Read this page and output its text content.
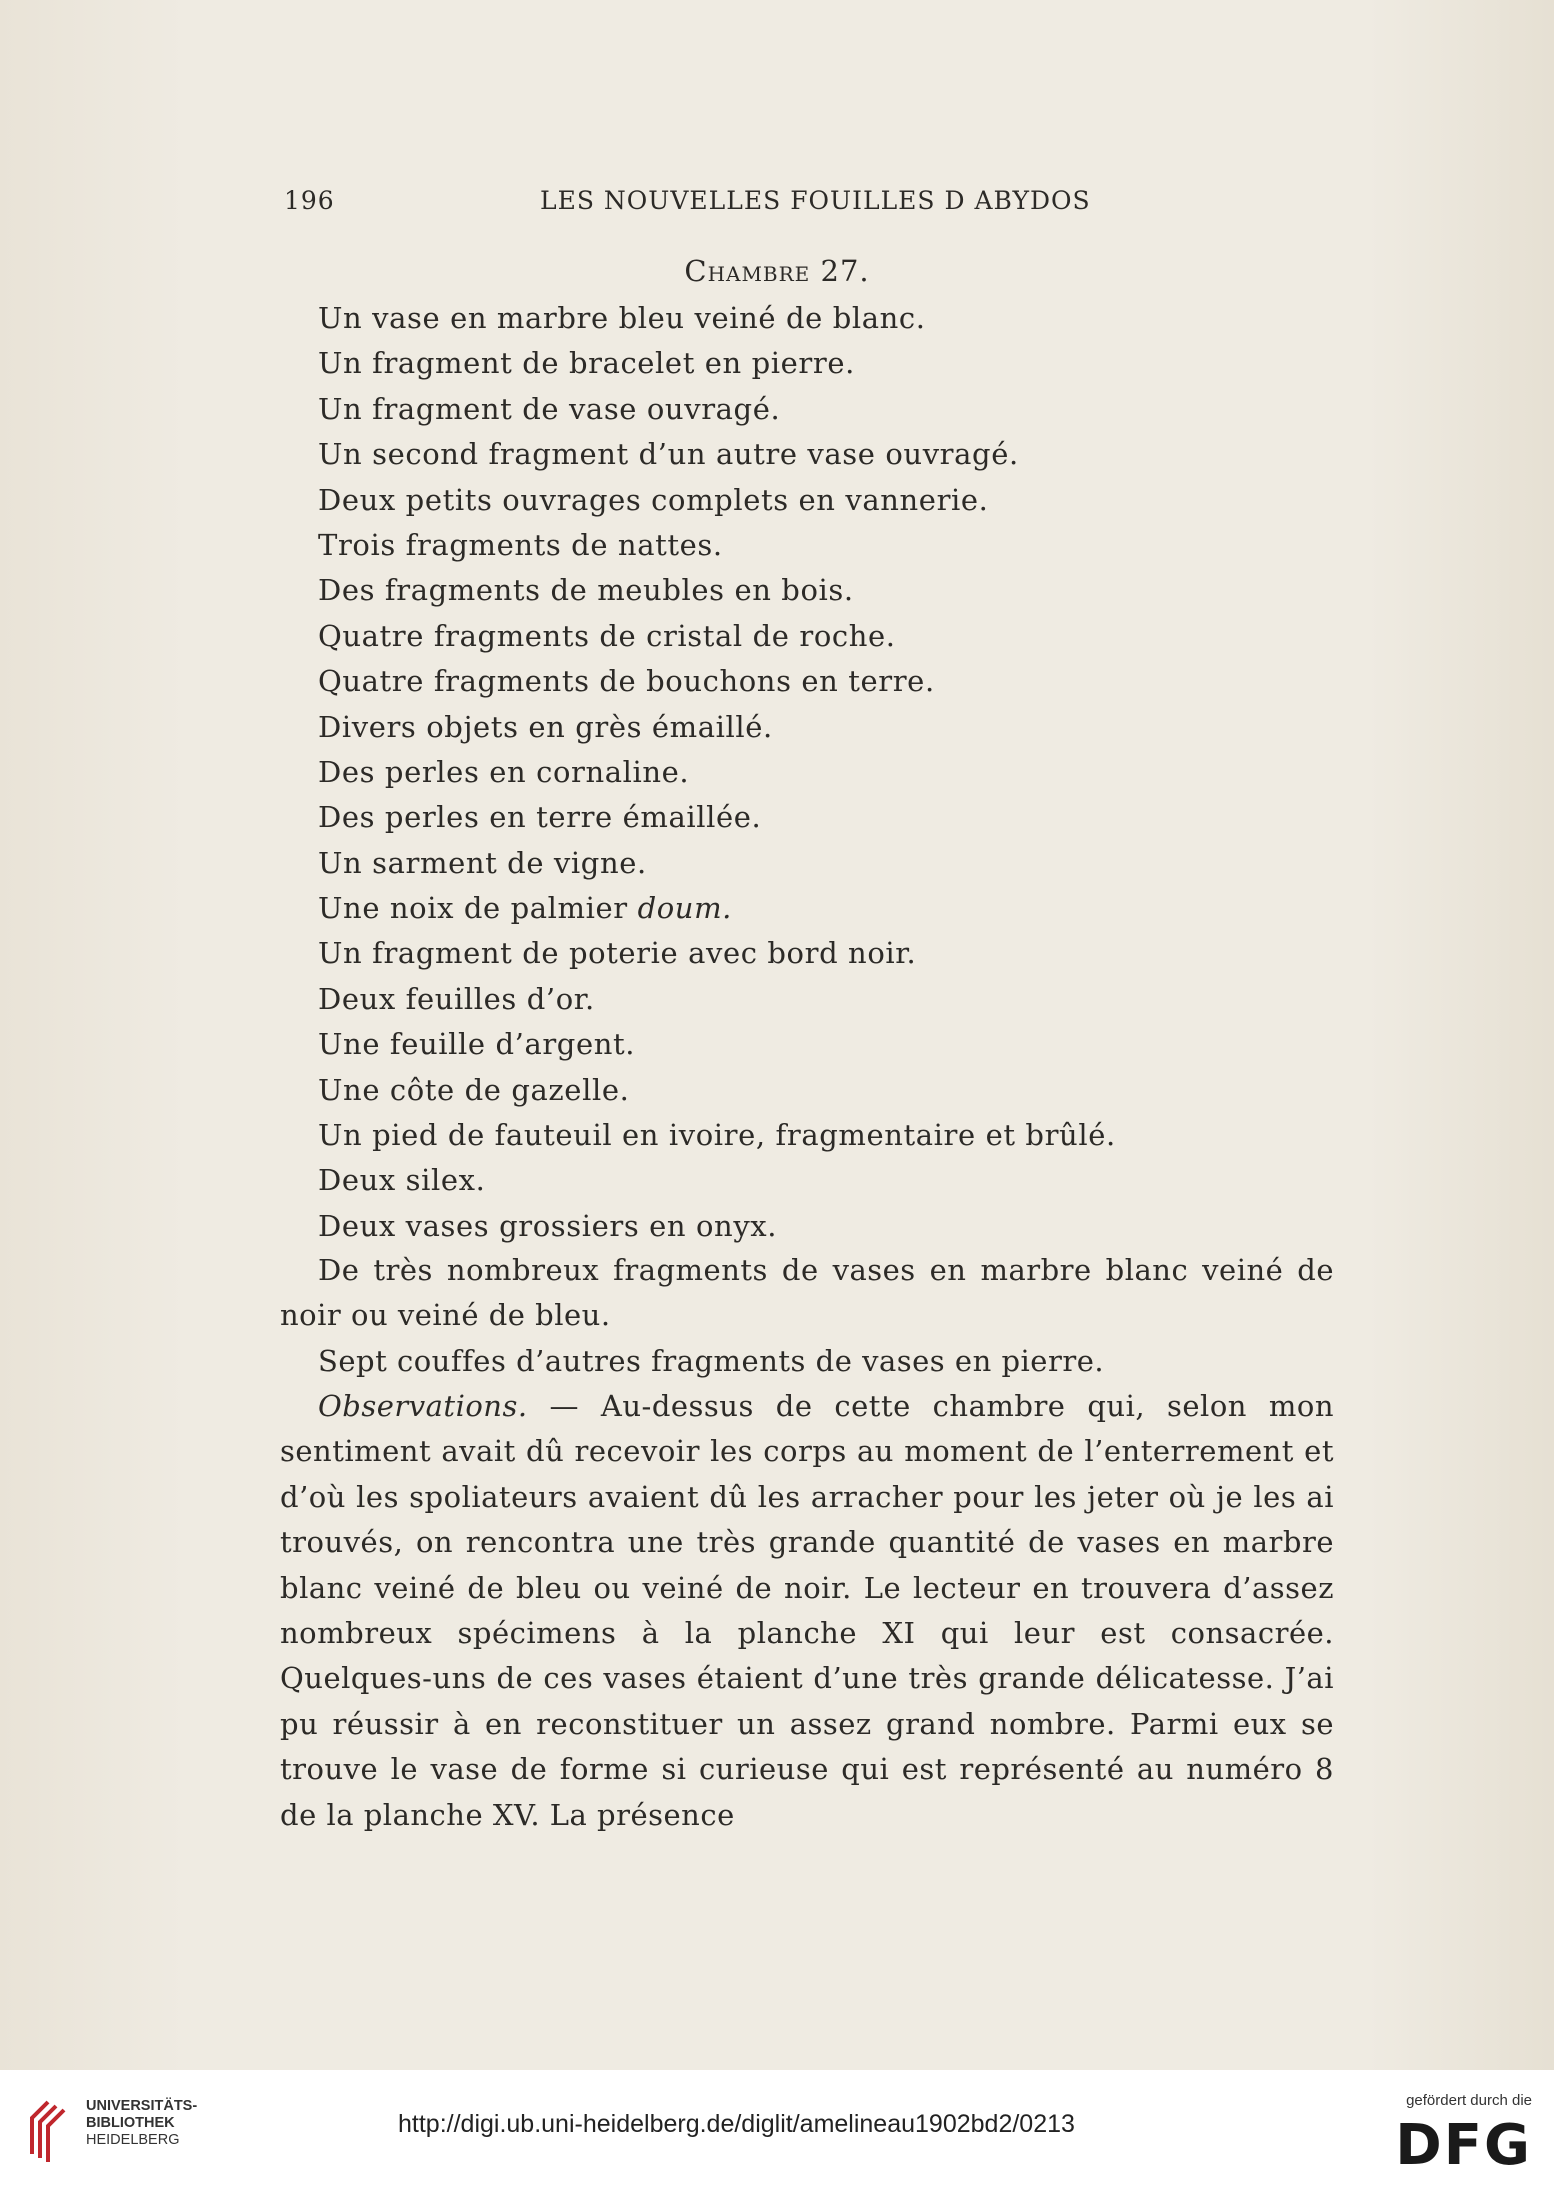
196	LES NOUVELLES FOUILLES D ABYDOS
Chambre 27.
Un vase en marbre bleu veiné de blanc.
Un fragment de bracelet en pierre.
Un fragment de vase ouvragé.
Un second fragment d’un autre vase ouvragé.
Deux petits ouvrages complets en vannerie.
Trois fragments de nattes.
Des fragments de meubles en bois.
Quatre fragments de cristal de roche.
Quatre fragments de bouchons en terre.
Divers objets en grès émaillé.
Des perles en cornaline.
Des perles en terre émaillée.
Un sarment de vigne.
Une noix de palmier doum.
Un fragment de poterie avec bord noir.
Deux feuilles d’or.
Une feuille d’argent.
Une côte de gazelle.
Un pied de fauteuil en ivoire, fragmentaire et brûlé.
Deux silex.
Deux vases grossiers en onyx.

De très nombreux fragments de vases en marbre blanc veiné de noir ou veiné de bleu.

Sept couffes d’autres fragments de vases en pierre.

Observations. — Au-dessus de cette chambre qui, selon mon sentiment avait dû recevoir les corps au moment de l’enterrement et d’où les spoliateurs avaient dû les arracher pour les jeter où je les ai trouvés, on rencontra une très grande quantité de vases en marbre blanc veiné de bleu ou veiné de noir. Le lecteur en trouvera d’assez nombreux spécimens à la planche XI qui leur est consacrée. Quelques-uns de ces vases étaient d’une très grande délicatesse. J’ai pu réussir à en reconstituer un assez grand nombre. Parmi eux se trouve le vase de forme si curieuse qui est représenté au numéro 8 de la planche XV. La présence

UNIVERSITÄTS-
BIBLIOTHEK
HEIDELBERG
http://digi.ub.uni-heidelberg.de/diglit/amelineau1902bd2/0213
gefördert durch die
DFG
